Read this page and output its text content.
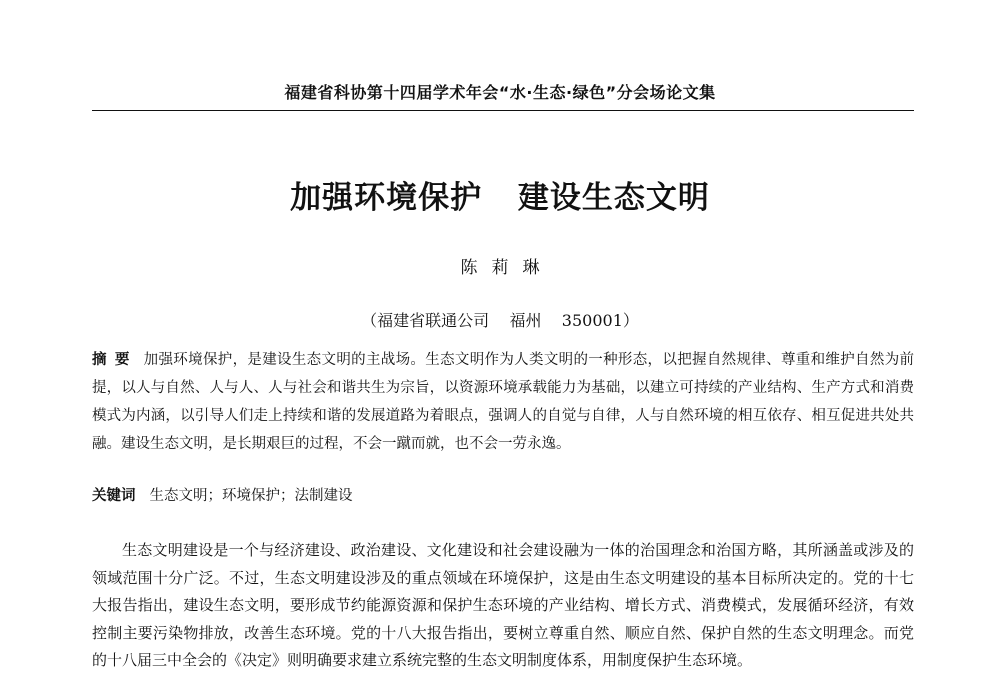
福建省科协第十四届学术年会“水·生态·绿色”分会场论文集
加强环境保护 建设生态文明
陈莉琳
（福建省联通公司    福州    350001）
摘要 加强环境保护，是建设生态文明的主战场。生态文明作为人类文明的一种形态，以把握自然规律、尊重和维护自然为前提，以人与自然、人与人、人与社会和谐共生为宗旨，以资源环境承载能力为基础，以建立可持续的产业结构、生产方式和消费模式为内涵，以引导人们走上持续和谐的发展道路为着眼点，强调人的自觉与自律，人与自然环境的相互依存、相互促进共处共融。建设生态文明，是长期艰巨的过程，不会一蹴而就，也不会一劳永逸。
关键词 生态文明；环境保护；法制建设
生态文明建设是一个与经济建设、政治建设、文化建设和社会建设融为一体的治国理念和治国方略，其所涵盖或涉及的领域范围十分广泛。不过，生态文明建设涉及的重点领域在环境保护，这是由生态文明建设的基本目标所决定的。党的十七大报告指出，建设生态文明，要形成节约能源资源和保护生态环境的产业结构、增长方式、消费模式，发展循环经济，有效控制主要污染物排放，改善生态环境。党的十八大报告指出，要树立尊重自然、顺应自然、保护自然的生态文明理念。而党的十八届三中全会的《决定》则明确要求建立系统完整的生态文明制度体系，用制度保护生态环境。
